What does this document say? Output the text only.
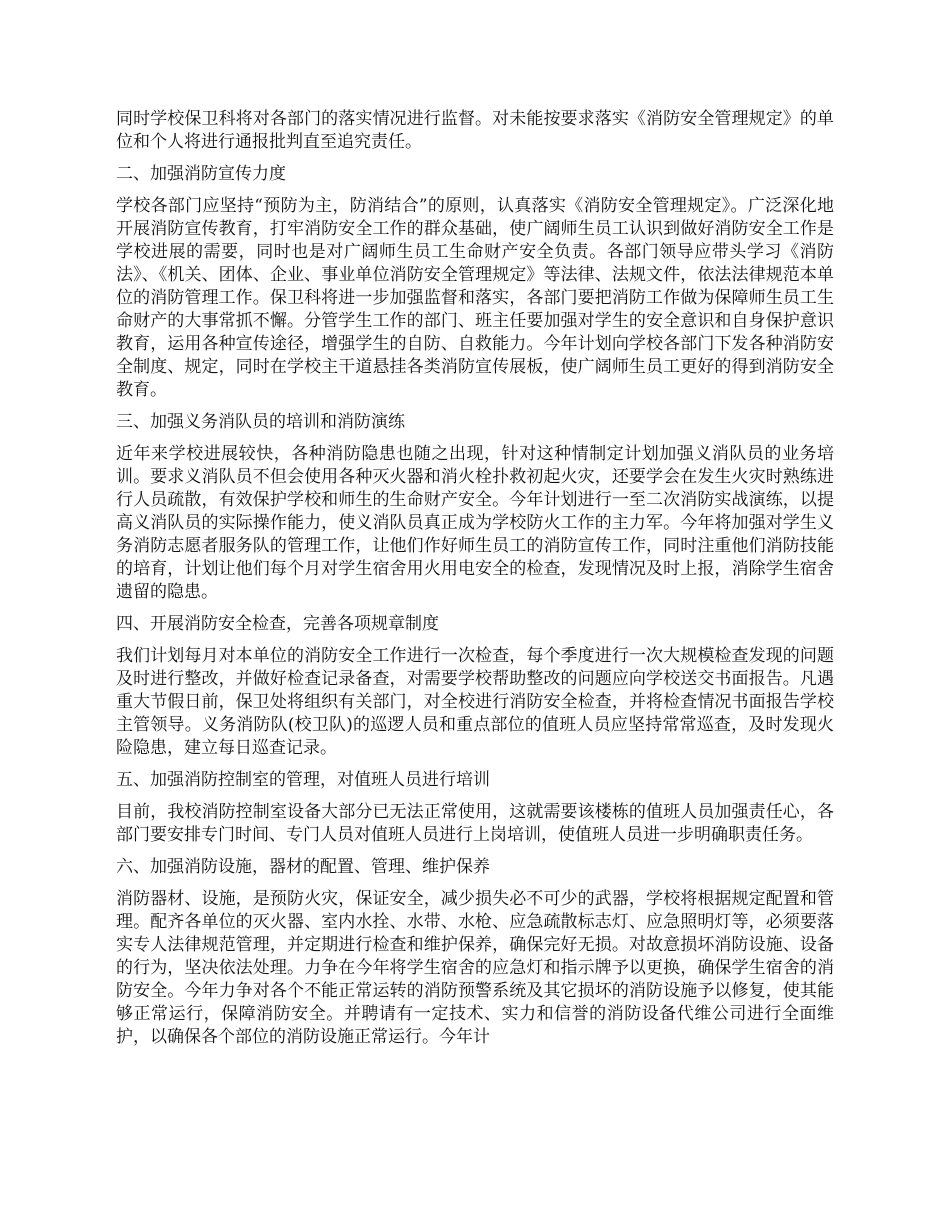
同时学校保卫科将对各部门的落实情况进行监督。对未能按要求落实《消防安全管理规定》的单位和个人将进行通报批判直至追究责任。

二、加强消防宣传力度

学校各部门应坚持“预防为主，防消结合”的原则，认真落实《消防安全管理规定》。广泛深化地开展消防宣传教育，打牢消防安全工作的群众基础，使广阔师生员工认识到做好消防安全工作是学校进展的需要，同时也是对广阔师生员工生命财产安全负责。各部门领导应带头学习《消防法》、《机关、团体、企业、事业单位消防安全管理规定》等法律、法规文件，依法法律规范本单位的消防管理工作。保卫科将进一步加强监督和落实，各部门要把消防工作做为保障师生员工生命财产的大事常抓不懈。分管学生工作的部门、班主任要加强对学生的安全意识和自身保护意识教育，运用各种宣传途径，增强学生的自防、自救能力。今年计划向学校各部门下发各种消防安全制度、规定，同时在学校主干道悬挂各类消防宣传展板，使广阔师生员工更好的得到消防安全教育。

三、加强义务消队员的培训和消防演练

近年来学校进展较快，各种消防隐患也随之出现，针对这种情制定计划加强义消队员的业务培训。要求义消队员不但会使用各种灭火器和消火栓扑救初起火灾，还要学会在发生火灾时熟练进行人员疏散，有效保护学校和师生的生命财产安全。今年计划进行一至二次消防实战演练，以提高义消队员的实际操作能力，使义消队员真正成为学校防火工作的主力军。今年将加强对学生义务消防志愿者服务队的管理工作，让他们作好师生员工的消防宣传工作，同时注重他们消防技能的培育，计划让他们每个月对学生宿舍用火用电安全的检查，发现情况及时上报，消除学生宿舍遗留的隐患。

四、开展消防安全检查，完善各项规章制度

我们计划每月对本单位的消防安全工作进行一次检查，每个季度进行一次大规模检查发现的问题及时进行整改，并做好检查记录备查，对需要学校帮助整改的问题应向学校送交书面报告。凡遇重大节假日前，保卫处将组织有关部门，对全校进行消防安全检查，并将检查情况书面报告学校主管领导。义务消防队(校卫队)的巡逻人员和重点部位的值班人员应坚持常常巡查，及时发现火险隐患，建立每日巡查记录。

五、加强消防控制室的管理，对值班人员进行培训

目前，我校消防控制室设备大部分已无法正常使用，这就需要该楼栋的值班人员加强责任心，各部门要安排专门时间、专门人员对值班人员进行上岗培训，使值班人员进一步明确职责任务。

六、加强消防设施，器材的配置、管理、维护保养

消防器材、设施，是预防火灾，保证安全，减少损失必不可少的武器，学校将根据规定配置和管理。配齐各单位的灭火器、室内水拴、水带、水枪、应急疏散标志灯、应急照明灯等，必须要落实专人法律规范管理，并定期进行检查和维护保养，确保完好无损。对故意损坏消防设施、设备的行为，坚决依法处理。力争在今年将学生宿舍的应急灯和指示牌予以更换，确保学生宿舍的消防安全。今年力争对各个不能正常运转的消防预警系统及其它损坏的消防设施予以修复，使其能够正常运行，保障消防安全。并聘请有一定技术、实力和信誉的消防设备代维公司进行全面维护，以确保各个部位的消防设施正常运行。今年计
